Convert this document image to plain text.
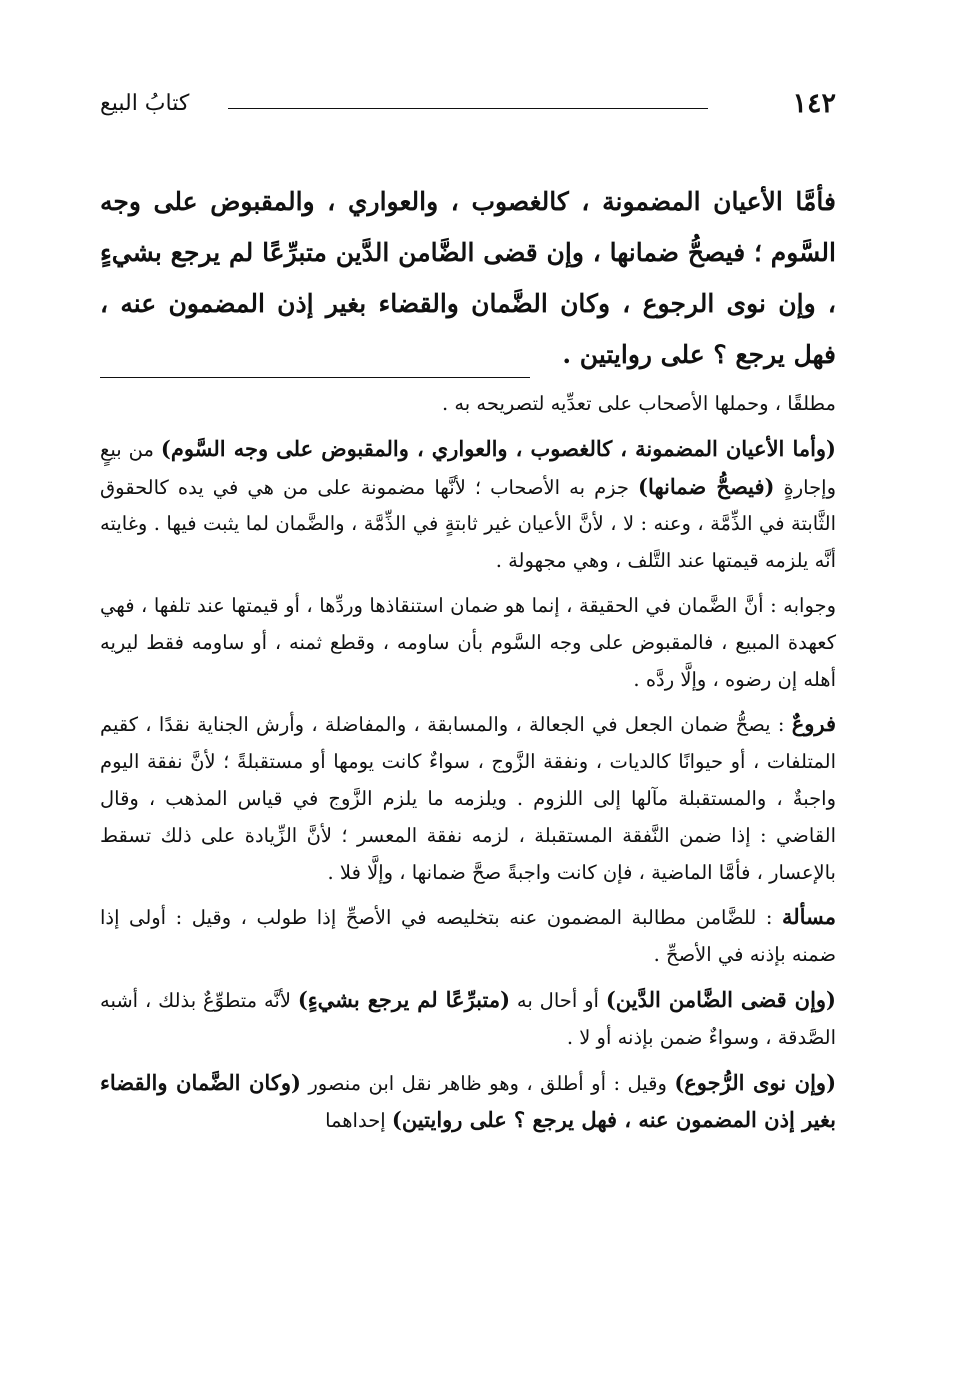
١٤٢
كتابُ البيع

فأمَّا الأعيان المضمونة ، كالغصوب ، والعواري ، والمقبوض على وجه السَّوم ؛ فيصحُّ ضمانها ، وإن قضى الضَّامن الدَّين متبرِّعًا لم يرجع بشيءٍ ، وإن نوى الرجوع ، وكان الضَّمان والقضاء بغير إذن المضمون عنه ، فهل يرجع ؟ على روايتين .

مطلقًا ، وحملها الأصحاب على تعدِّيه لتصريحه به .

(وأما الأعيان المضمونة ، كالغصوب ، والعواري ، والمقبوض على وجه السَّوم) من بيعٍ وإجارةٍ (فيصحُّ ضمانها) جزم به الأصحاب ؛ لأنَّها مضمونة على من هي في يده كالحقوق الثَّابتة في الذِّمَّة ، وعنه : لا ، لأنَّ الأعيان غير ثابتةٍ في الذِّمَّة ، والضَّمان لما يثبت فيها . وغايته أنَّه يلزمه قيمتها عند التَّلف ، وهي مجهولة .

وجوابه : أنَّ الضَّمان في الحقيقة ، إنما هو ضمان استنقاذها وردِّها ، أو قيمتها عند تلفها ، فهي كعهدة المبيع ، فالمقبوض على وجه السَّوم بأن ساومه ، وقطع ثمنه ، أو ساومه فقط ليريه أهله إن رضوه ، وإلَّا ردَّه .

فروعٌ : يصحُّ ضمان الجعل في الجعالة ، والمسابقة ، والمفاضلة ، وأرش الجناية نقدًا ، كقيم المتلفات ، أو حيوانًا كالديات ، ونفقة الزَّوج ، سواءٌ كانت يومها أو مستقبلةً ؛ لأنَّ نفقة اليوم واجبةٌ ، والمستقبلة مآلها إلى اللزوم . ويلزمه ما يلزم الزَّوج في قياس المذهب ، وقال القاضي : إذا ضمن النَّفقة المستقبلة ، لزمه نفقة المعسر ؛ لأنَّ الزِّيادة على ذلك تسقط بالإعسار ، فأمَّا الماضية ، فإن كانت واجبةً صحَّ ضمانها ، وإلَّا فلا .

مسألة : للضَّامن مطالبة المضمون عنه بتخليصه في الأصحِّ إذا طولب ، وقيل : أولى إذا ضمنه بإذنه في الأصحِّ .

(وإن قضى الضَّامن الدَّين) أو أحال به (متبرِّعًا لم يرجع بشيءٍ) لأنَّه متطوِّعٌ بذلك ، أشبه الصَّدقة ، وسواءٌ ضمن بإذنه أو لا .

(وإن نوى الرُّجوع) وقيل : أو أطلق ، وهو ظاهر نقل ابن منصور (وكان الضَّمان والقضاء بغير إذن المضمون عنه ، فهل يرجع ؟ على روايتين) إحداهما
